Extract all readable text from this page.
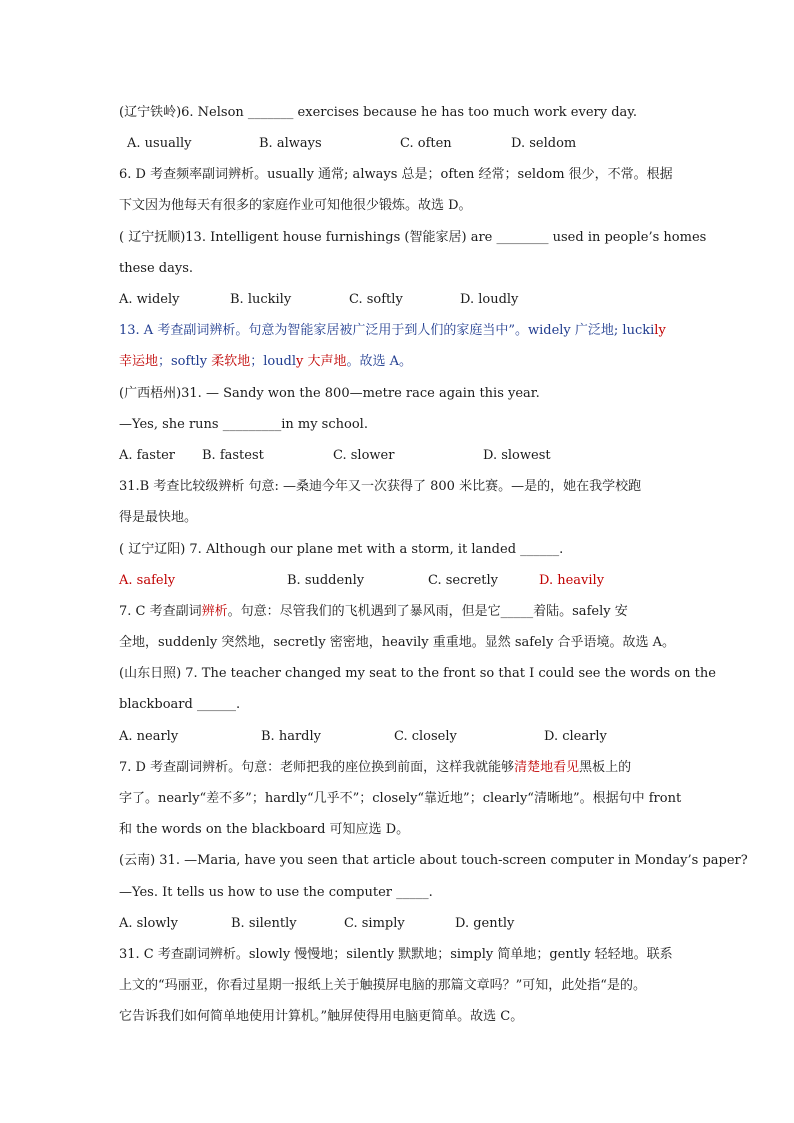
(辽宁铁岭)6. Nelson _______ exercises because he has too much work every day.
A. usually	B. always	C. often	D. seldom
6. D 考查频率副词辨析。usually 通常; always 总是；often 经常；seldom 很少，不常。根据
下文因为他每天有很多的家庭作业可知他很少锻炼。故选 D。
( 辽宁抚顺)13. Intelligent house furnishings (智能家居) are ________ used in people’s homes
these days.
A. widely	B. luckily	C. softly	D. loudly
13. A 考查副词辨析。句意为智能家居被广泛用于到人们的家庭当中”。widely 广泛地; luckily
幸运地；softly 柔软地；loudly 大声地。故选 A。
(广西梧州)31. — Sandy won the 800—metre race again this year.
—Yes, she runs _________in my school.
A. faster B. fastest	C. slower	D. slowest
31.B 考查比较级辨析 句意: —桑迪今年又一次获得了 800 米比赛。—是的，她在我学校跑
得是最快地。
( 辽宁辽阳) 7. Although our plane met with a storm, it landed ______.
A. safely	B. suddenly	C. secretly	D. heavily
7. C 考查副词辨析。句意：尽管我们的飞机遇到了暴风雨，但是它_____着陆。safely 安
全地，suddenly 突然地，secretly 密密地，heavily 重重地。显然 safely 合乎语境。故选 A。
(山东日照) 7. The teacher changed my seat to the front so that I could see the words on the
blackboard ______.
A. nearly	B. hardly	C. closely	D. clearly
7. D 考查副词辨析。句意：老师把我的座位换到前面，这样我就能够清楚地看见黑板上的
字了。nearly“差不多”；hardly“几乎不”；closely“靠近地”；clearly“清晰地”。根据句中 front
和 the words on the blackboard 可知应选 D。
(云南) 31. —Maria, have you seen that article about touch-screen computer in Monday’s paper?
—Yes. It tells us how to use the computer _____.
A. slowly	B. silently	C. simply	D. gently
31. C 考查副词辨析。slowly 慢慢地；silently 默默地；simply 简单地；gently 轻轻地。联系
上文的“玛丽亚，你看过星期一报纸上关于触摸屏电脑的那篇文章吗？”可知，此处指“是的。
它告诉我们如何简单地使用计算机。”触屏使得用电脑更简单。故选 C。
